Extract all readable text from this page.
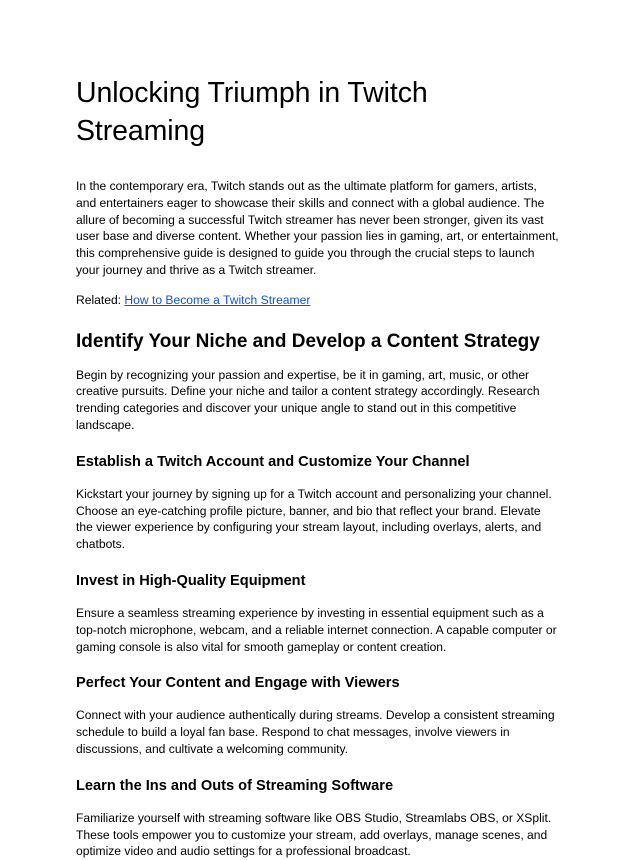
Unlocking Triumph in Twitch Streaming

In the contemporary era, Twitch stands out as the ultimate platform for gamers, artists, and entertainers eager to showcase their skills and connect with a global audience. The allure of becoming a successful Twitch streamer has never been stronger, given its vast user base and diverse content. Whether your passion lies in gaming, art, or entertainment, this comprehensive guide is designed to guide you through the crucial steps to launch your journey and thrive as a Twitch streamer.

Related: How to Become a Twitch Streamer

Identify Your Niche and Develop a Content Strategy

Begin by recognizing your passion and expertise, be it in gaming, art, music, or other creative pursuits. Define your niche and tailor a content strategy accordingly. Research trending categories and discover your unique angle to stand out in this competitive landscape.

Establish a Twitch Account and Customize Your Channel

Kickstart your journey by signing up for a Twitch account and personalizing your channel. Choose an eye-catching profile picture, banner, and bio that reflect your brand. Elevate the viewer experience by configuring your stream layout, including overlays, alerts, and chatbots.

Invest in High-Quality Equipment

Ensure a seamless streaming experience by investing in essential equipment such as a top-notch microphone, webcam, and a reliable internet connection. A capable computer or gaming console is also vital for smooth gameplay or content creation.

Perfect Your Content and Engage with Viewers

Connect with your audience authentically during streams. Develop a consistent streaming schedule to build a loyal fan base. Respond to chat messages, involve viewers in discussions, and cultivate a welcoming community.

Learn the Ins and Outs of Streaming Software

Familiarize yourself with streaming software like OBS Studio, Streamlabs OBS, or XSplit. These tools empower you to customize your stream, add overlays, manage scenes, and optimize video and audio settings for a professional broadcast.
